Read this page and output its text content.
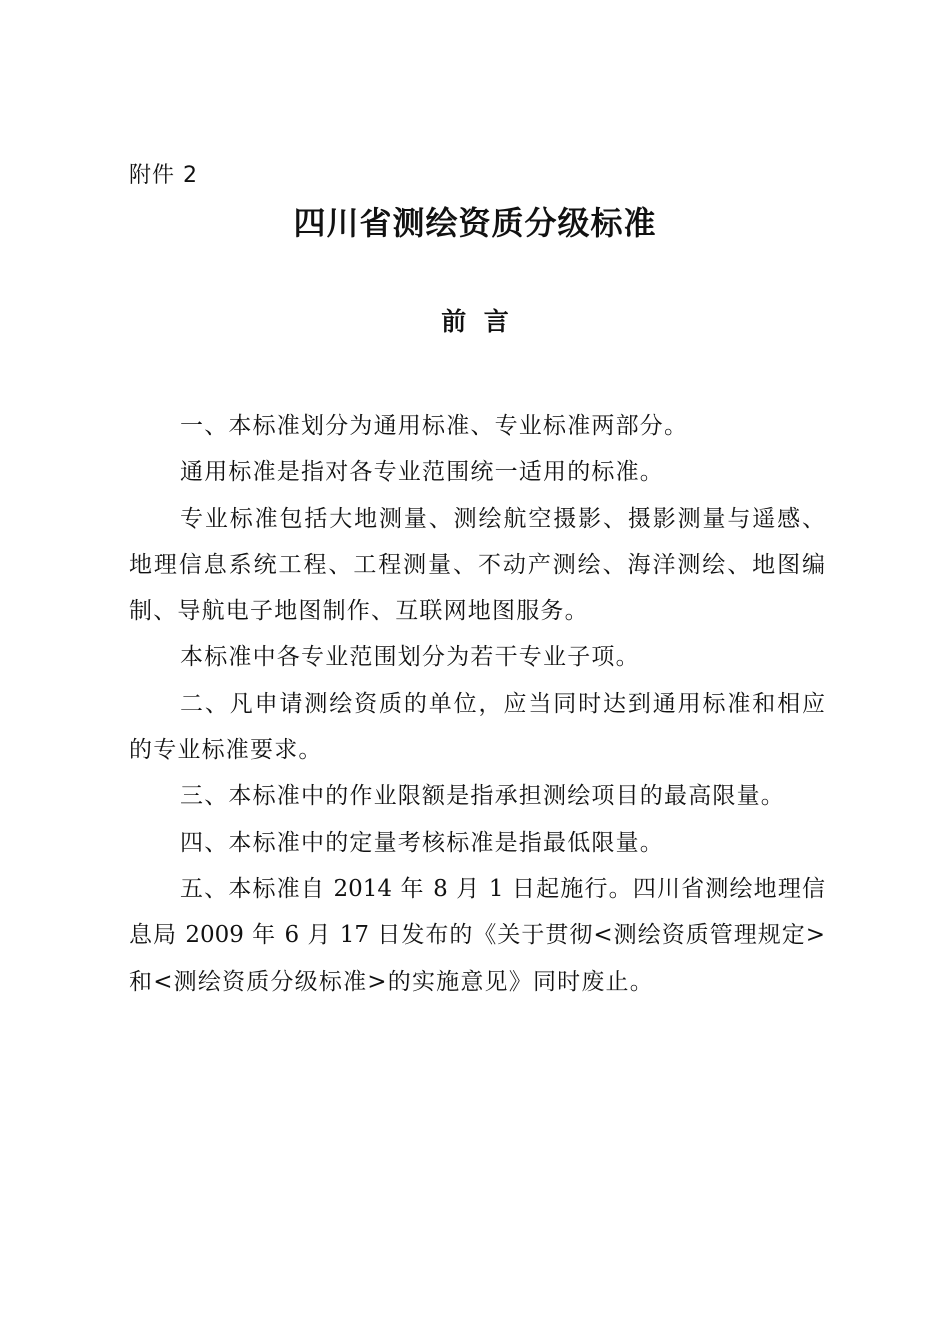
附件 2
四川省测绘资质分级标准
前  言
一、本标准划分为通用标准、专业标准两部分。
通用标准是指对各专业范围统一适用的标准。
专业标准包括大地测量、测绘航空摄影、摄影测量与遥感、
地理信息系统工程、工程测量、不动产测绘、海洋测绘、地图编
制、导航电子地图制作、互联网地图服务。
本标准中各专业范围划分为若干专业子项。
二、凡申请测绘资质的单位，应当同时达到通用标准和相应
的专业标准要求。
三、本标准中的作业限额是指承担测绘项目的最高限量。
四、本标准中的定量考核标准是指最低限量。
五、本标准自 2014 年 8 月 1 日起施行。四川省测绘地理信
息局 2009 年 6 月 17 日发布的《关于贯彻<测绘资质管理规定>
和<测绘资质分级标准>的实施意见》同时废止。
